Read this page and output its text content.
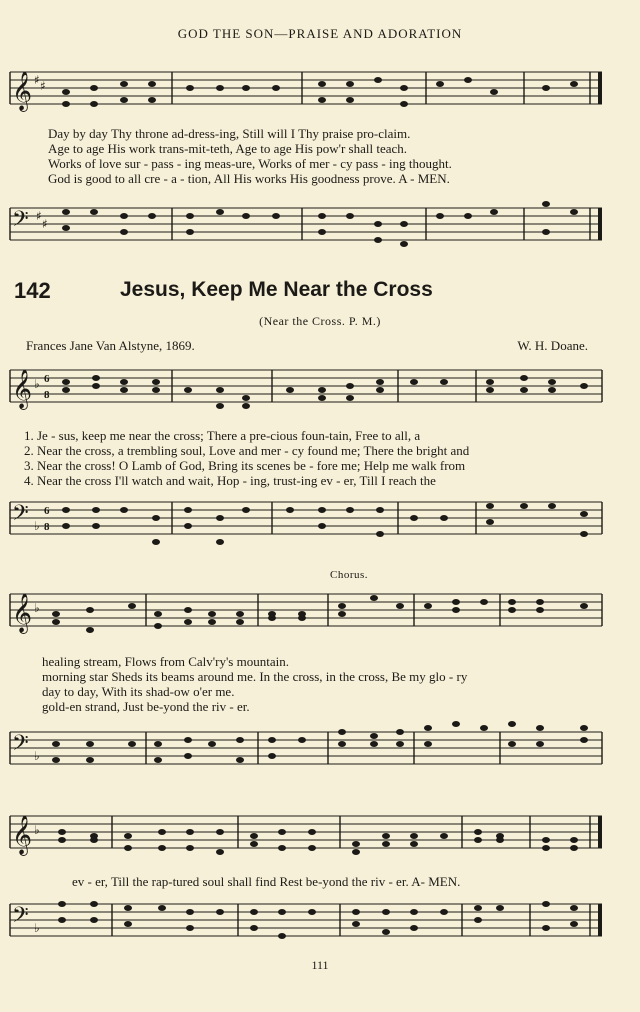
GOD THE SON—PRAISE AND ADORATION
𝄞 ♯ ♯
Day by day Thy throne ad-dress-ing, Still will I Thy praise pro-claim.
Age to age His work trans-mit-teth, Age to age His pow'r shall teach.
Works of love sur - pass - ing meas-ure, Works of mer - cy pass - ing thought.
God is good to all cre - a - tion, All His works His goodness prove. A - MEN.
𝄢 ♯
♯
142	Jesus, Keep Me Near the Cross
(Near the Cross. P. M.)
Frances Jane Van Alstyne, 1869.	W. H. Doane.
𝄞 ♭ 6
8
1. Je - sus, keep me near the cross; There a pre-cious foun-tain, Free to all, a
2. Near the cross, a trembling soul, Love and mer - cy found me; There the bright and
3. Near the cross! O Lamb of God, Bring its scenes be - fore me; Help me walk from
4. Near the cross I'll watch and wait, Hop - ing, trust-ing ev - er, Till I reach the
𝄢 ♭
6
8
Chorus.
𝄞 ♭
healing stream, Flows from Calv'ry's mountain.
morning star Sheds its beams around me. In the cross, in the cross, Be my glo - ry
day to day, With its shad-ow o'er me.
gold-en strand, Just be-yond the riv - er.
𝄢 ♭
𝄞 ♭
ev - er, Till the rap-tured soul shall find Rest be-yond the riv - er. A- MEN.
𝄢 ♭
111
